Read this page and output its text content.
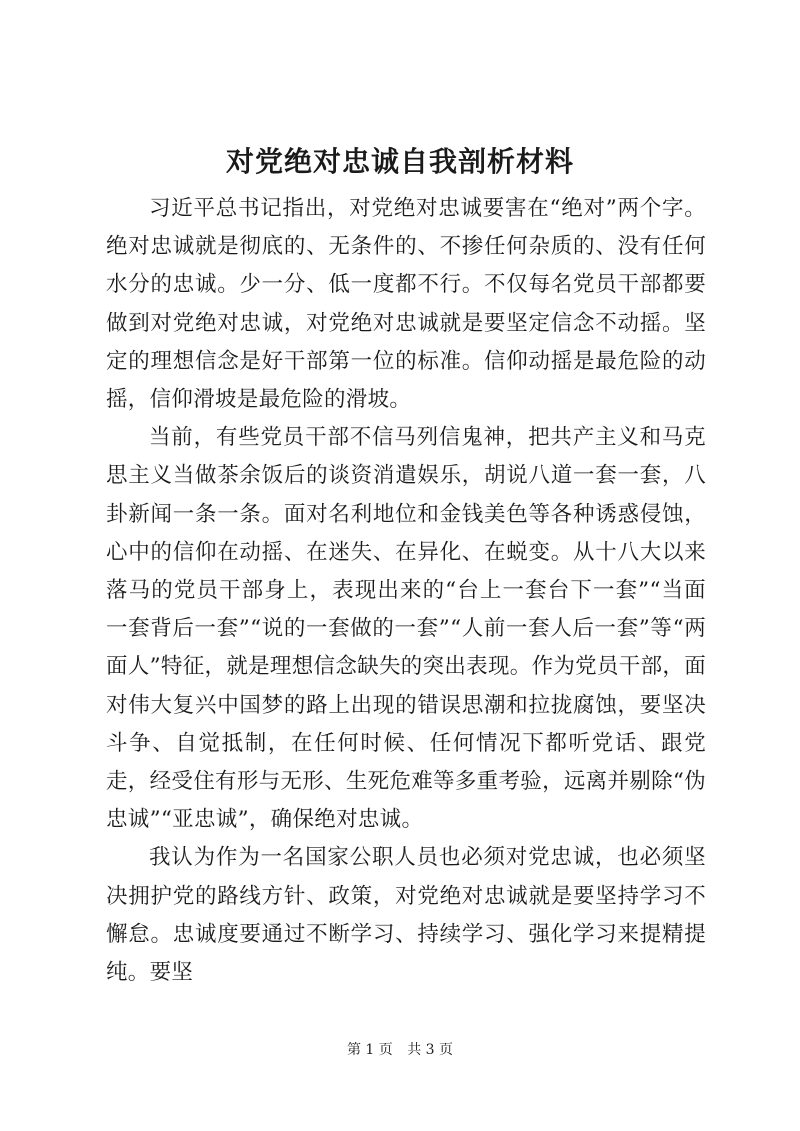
对党绝对忠诚自我剖析材料

习近平总书记指出，对党绝对忠诚要害在“绝对”两个字。绝对忠诚就是彻底的、无条件的、不掺任何杂质的、没有任何水分的忠诚。少一分、低一度都不行。不仅每名党员干部都要做到对党绝对忠诚，对党绝对忠诚就是要坚定信念不动摇。坚定的理想信念是好干部第一位的标准。信仰动摇是最危险的动摇，信仰滑坡是最危险的滑坡。

当前，有些党员干部不信马列信鬼神，把共产主义和马克思主义当做茶余饭后的谈资消遣娱乐，胡说八道一套一套，八卦新闻一条一条。面对名利地位和金钱美色等各种诱惑侵蚀，心中的信仰在动摇、在迷失、在异化、在蜕变。从十八大以来落马的党员干部身上，表现出来的“台上一套台下一套”“当面一套背后一套”“说的一套做的一套”“人前一套人后一套”等“两面人”特征，就是理想信念缺失的突出表现。作为党员干部，面对伟大复兴中国梦的路上出现的错误思潮和拉拢腐蚀，要坚决斗争、自觉抵制，在任何时候、任何情况下都听党话、跟党走，经受住有形与无形、生死危难等多重考验，远离并剔除“伪忠诚”“亚忠诚”，确保绝对忠诚。

我认为作为一名国家公职人员也必须对党忠诚，也必须坚决拥护党的路线方针、政策，对党绝对忠诚就是要坚持学习不懈怠。忠诚度要通过不断学习、持续学习、强化学习来提精提纯。要坚

第 1 页 共 3 页
